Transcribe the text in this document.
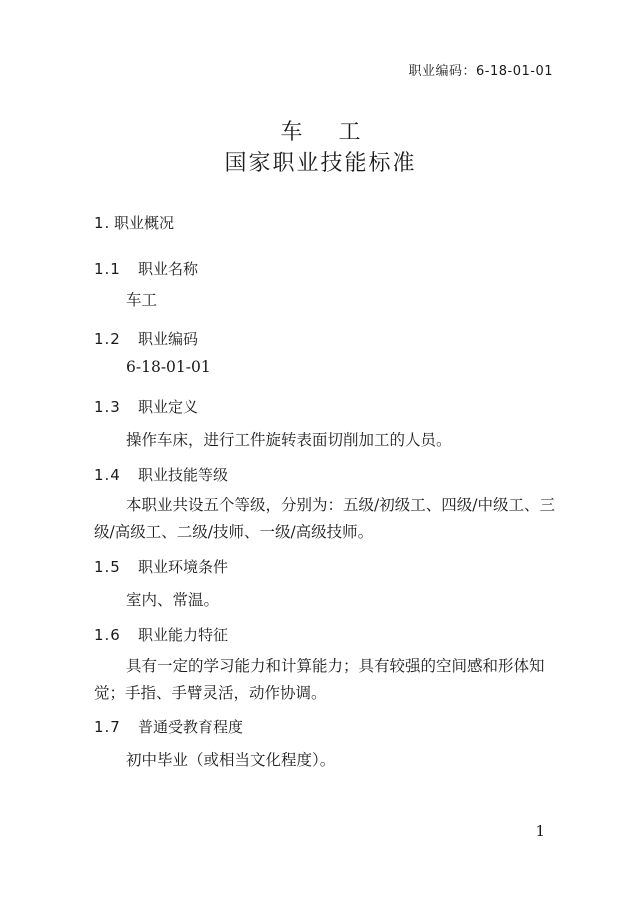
职业编码：6-18-01-01
车工
国家职业技能标准
1. 职业概况
1.1 职业名称
车工
1.2 职业编码
6-18-01-01
1.3 职业定义
操作车床，进行工件旋转表面切削加工的人员。
1.4 职业技能等级
本职业共设五个等级，分别为：五级/初级工、四级/中级工、三级/高级工、二级/技师、一级/高级技师。
1.5 职业环境条件
室内、常温。
1.6 职业能力特征
具有一定的学习能力和计算能力；具有较强的空间感和形体知觉；手指、手臂灵活，动作协调。
1.7 普通受教育程度
初中毕业（或相当文化程度）。
1
